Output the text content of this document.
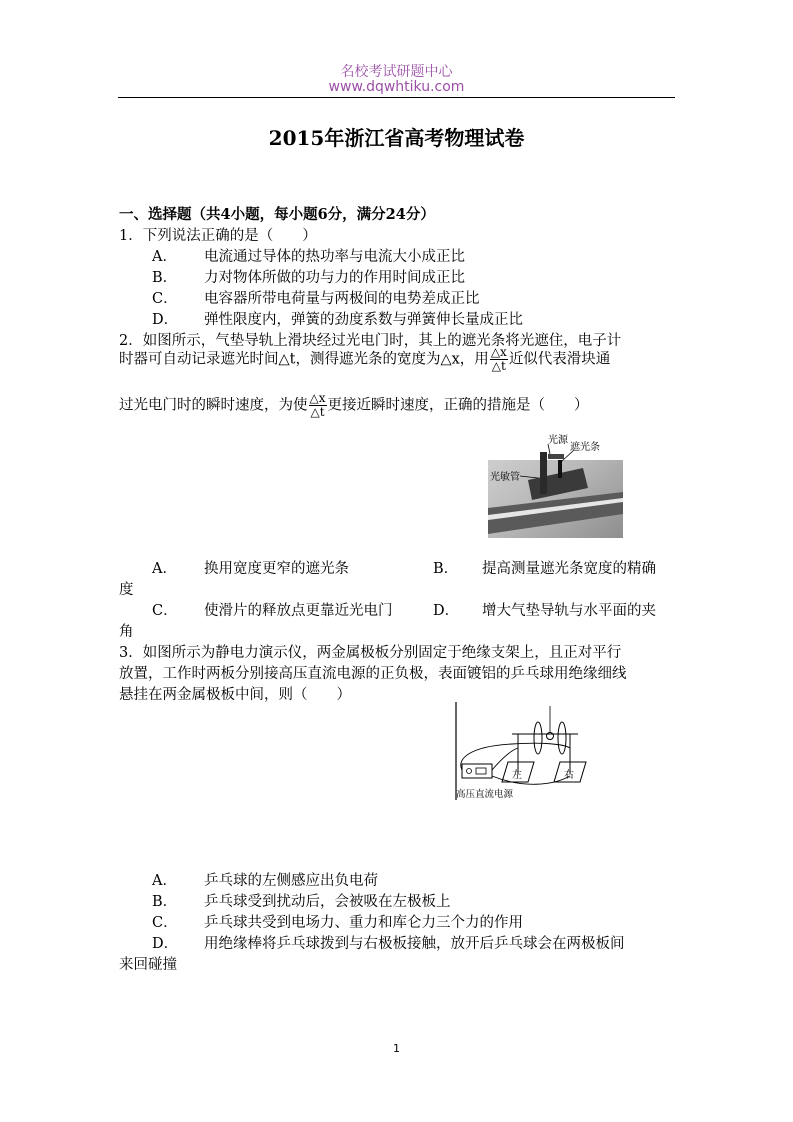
名校考试研题中心
www.dqwhtiku.com
2015年浙江省高考物理试卷
一、选择题（共4小题，每小题6分，满分24分）
1．下列说法正确的是（　　）
A． 电流通过导体的热功率与电流大小成正比
B． 力对物体所做的功与力的作用时间成正比
C． 电容器所带电荷量与两极间的电势差成正比
D． 弹性限度内，弹簧的劲度系数与弹簧伸长量成正比
2．如图所示，气垫导轨上滑块经过光电门时，其上的遮光条将光遮住，电子计
时器可自动记录遮光时间△t，测得遮光条的宽度为△x，用 $\frac{\triangle x}{\triangle t}$ 近似代表滑块通
过光电门时的瞬时速度，为使 $\frac{\triangle x}{\triangle t}$ 更接近瞬时速度，正确的措施是（　　）
光源
遮光条
光敏管
A． 换用宽度更窄的遮光条	B． 提高测量遮光条宽度的精确
度
C． 使滑片的释放点更靠近光电门	D． 增大气垫导轨与水平面的夹
角
3．如图所示为静电力演示仪，两金属极板分别固定于绝缘支架上，且正对平行
放置，工作时两板分别接高压直流电源的正负极，表面镀铝的乒乓球用绝缘细线
悬挂在两金属极板中间，则（　　）
左	右
高压直流电源
A． 乒乓球的左侧感应出负电荷
B． 乒乓球受到扰动后，会被吸在左极板上
C． 乒乓球共受到电场力、重力和库仑力三个力的作用
D． 用绝缘棒将乒乓球拨到与右极板接触，放开后乒乓球会在两极板间
来回碰撞
1
